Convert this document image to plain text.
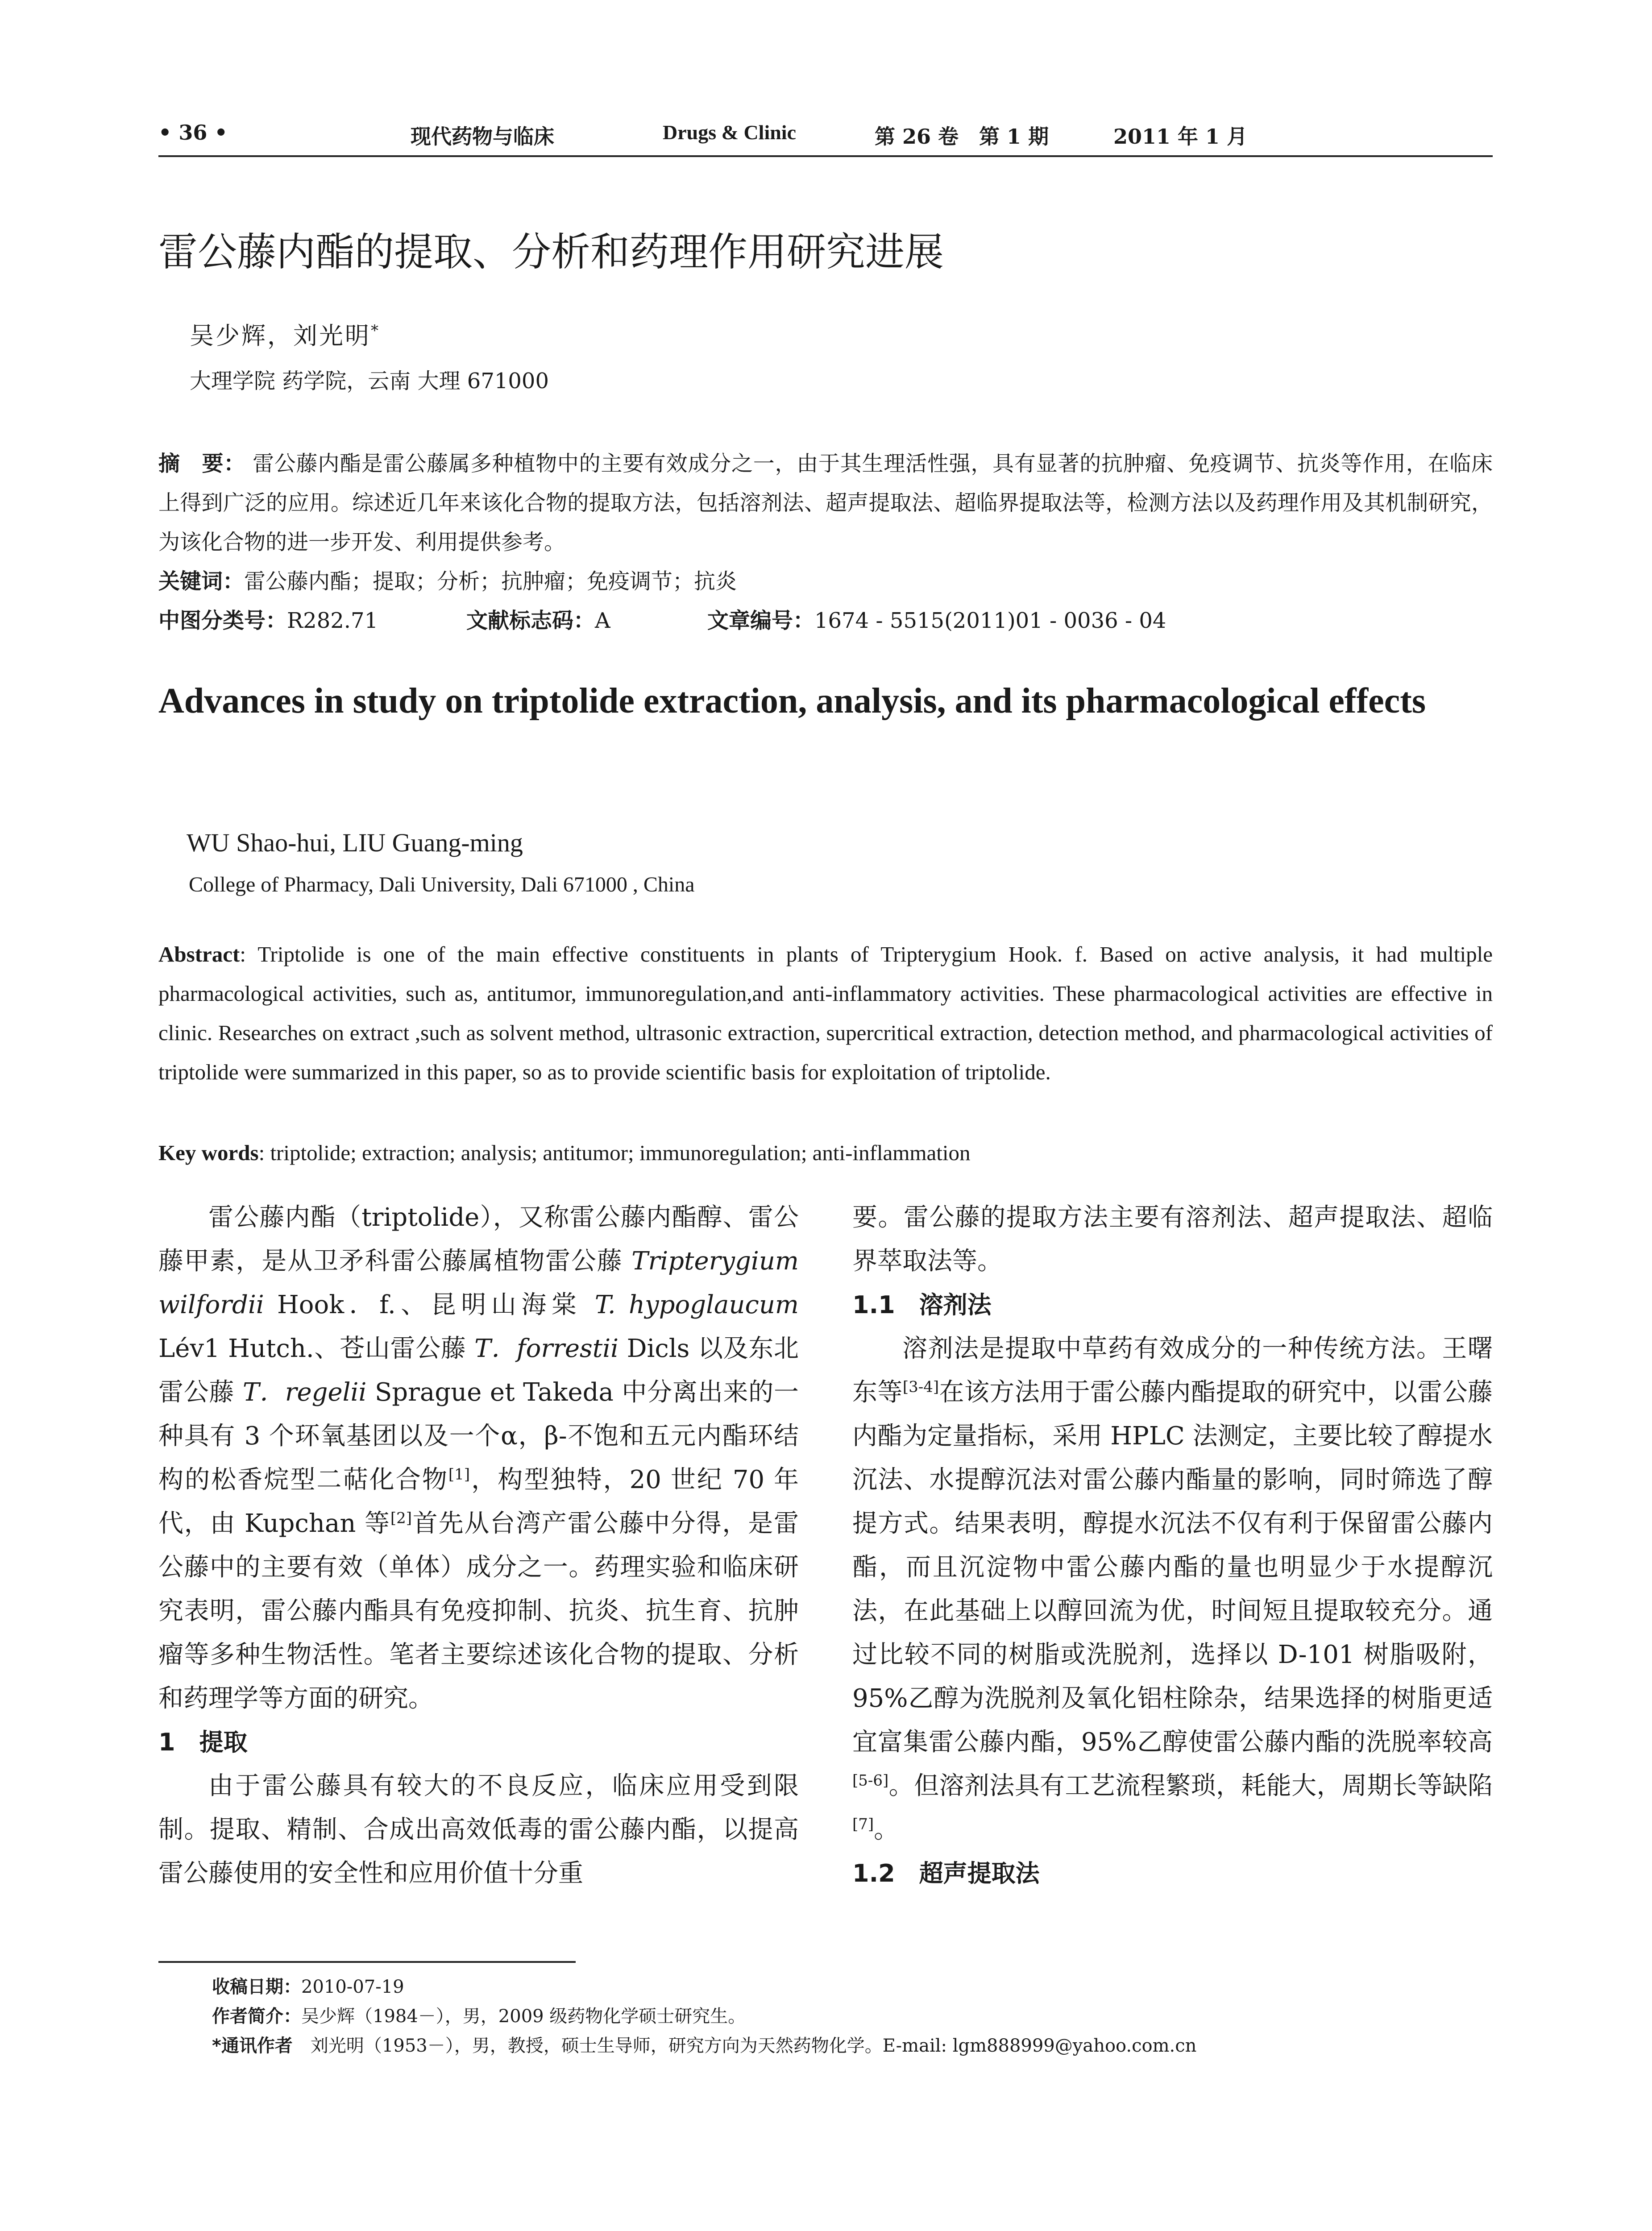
• 36 •	现代药物与临床	Drugs & Clinic	第 26 卷　第 1 期	2011 年 1 月
雷公藤内酯的提取、分析和药理作用研究进展
吴少辉，刘光明*
大理学院 药学院，云南 大理 671000
摘　要： 雷公藤内酯是雷公藤属多种植物中的主要有效成分之一，由于其生理活性强，具有显著的抗肿瘤、免疫调节、抗炎等作用，在临床上得到广泛的应用。综述近几年来该化合物的提取方法，包括溶剂法、超声提取法、超临界提取法等，检测方法以及药理作用及其机制研究，为该化合物的进一步开发、利用提供参考。
关键词：雷公藤内酯；提取；分析；抗肿瘤；免疫调节；抗炎
中图分类号：R282.71	文献标志码：A	文章编号：1674 - 5515(2011)01 - 0036 - 04
Advances in study on triptolide extraction, analysis, and its pharmacological effects
WU Shao-hui, LIU Guang-ming
College of Pharmacy, Dali University, Dali 671000 , China
Abstract: Triptolide is one of the main effective constituents in plants of Tripterygium Hook. f. Based on active analysis, it had multiple pharmacological activities, such as, antitumor, immunoregulation,and anti-inflammatory activities. These pharmacological activities are effective in clinic. Researches on extract ,such as solvent method, ultrasonic extraction, supercritical extraction, detection method, and pharmacological activities of triptolide were summarized in this paper, so as to provide scientific basis for exploitation of triptolide.
Key words: triptolide; extraction; analysis; antitumor; immunoregulation; anti-inflammation

雷公藤内酯（triptolide），又称雷公藤内酯醇、雷公藤甲素，是从卫矛科雷公藤属植物雷公藤 Tripterygium wilfordii Hook．f.、昆明山海棠 T. hypoglaucum Lév1 Hutch.、苍山雷公藤 T．forrestii Dicls 以及东北雷公藤 T．regelii Sprague et Takeda 中分离出来的一种具有 3 个环氧基团以及一个α，β-不饱和五元内酯环结构的松香烷型二萜化合物[1]，构型独特，20 世纪 70 年代，由 Kupchan 等[2]首先从台湾产雷公藤中分得，是雷公藤中的主要有效（单体）成分之一。药理实验和临床研究表明，雷公藤内酯具有免疫抑制、抗炎、抗生育、抗肿瘤等多种生物活性。笔者主要综述该化合物的提取、分析和药理学等方面的研究。

1　提取

由于雷公藤具有较大的不良反应，临床应用受到限制。提取、精制、合成出高效低毒的雷公藤内酯，以提高雷公藤使用的安全性和应用价值十分重

要。雷公藤的提取方法主要有溶剂法、超声提取法、超临界萃取法等。

1.1　溶剂法

溶剂法是提取中草药有效成分的一种传统方法。王曙东等[3-4]在该方法用于雷公藤内酯提取的研究中，以雷公藤内酯为定量指标，采用 HPLC 法测定，主要比较了醇提水沉法、水提醇沉法对雷公藤内酯量的影响，同时筛选了醇提方式。结果表明，醇提水沉法不仅有利于保留雷公藤内酯，而且沉淀物中雷公藤内酯的量也明显少于水提醇沉法，在此基础上以醇回流为优，时间短且提取较充分。通过比较不同的树脂或洗脱剂，选择以 D-101 树脂吸附，95%乙醇为洗脱剂及氧化铝柱除杂，结果选择的树脂更适宜富集雷公藤内酯，95%乙醇使雷公藤内酯的洗脱率较高[5-6]。但溶剂法具有工艺流程繁琐，耗能大，周期长等缺陷[7]。

1.2　超声提取法

收稿日期：2010-07-19
作者简介：吴少辉（1984－），男，2009 级药物化学硕士研究生。
*通讯作者　刘光明（1953－），男，教授，硕士生导师，研究方向为天然药物化学。E-mail: lgm888999@yahoo.com.cn
